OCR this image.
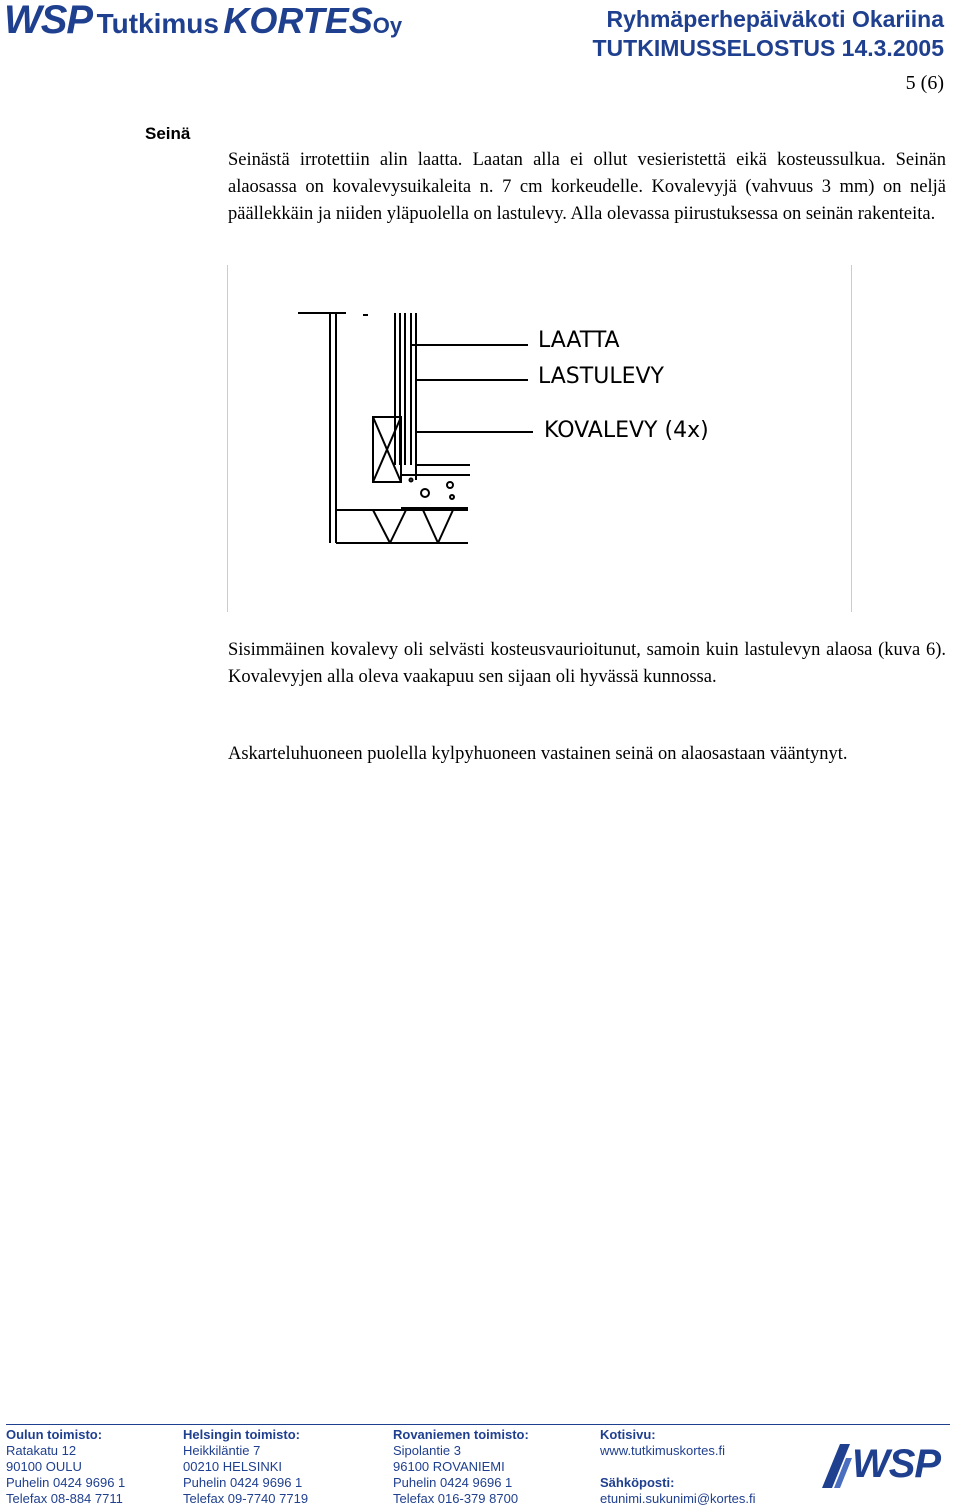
WSP Tutkimus KORTESOy	Ryhmäperhepäiväkoti Okariina
TUTKIMUSSELOSTUS 14.3.2005
5 (6)
Seinä

Seinästä irrotettiin alin laatta. Laatan alla ei ollut vesieristettä eikä kosteussulkua. Seinän alaosassa on kovalevysuikaleita n. 7 cm korkeudelle. Kovalevyjä (vahvuus 3 mm) on neljä päällekkäin ja niiden yläpuolella on lastulevy. Alla olevassa piirustuksessa on seinän rakenteita.

LAATTA
LASTULEVY
KOVALEVY (4x)

Sisimmäinen kovalevy oli selvästi kosteusvaurioitunut, samoin kuin lastulevyn alaosa (kuva 6). Kovalevyjen alla oleva vaakapuu sen sijaan oli hyvässä kunnossa.

Askarteluhuoneen puolella kylpyhuoneen vastainen seinä on alaosastaan vääntynyt.

Oulun toimisto:
Ratakatu 12
90100 OULU
Puhelin 0424 9696 1
Telefax 08-884 7711
Helsingin toimisto:
Heikkiläntie 7
00210 HELSINKI
Puhelin 0424 9696 1
Telefax 09-7740 7719
Rovaniemen toimisto:
Sipolantie 3
96100 ROVANIEMI
Puhelin 0424 9696 1
Telefax 016-379 8700
Kotisivu:
www.tutkimuskortes.fi

Sähköposti:
etunimi.sukunimi@kortes.fi
WSP
